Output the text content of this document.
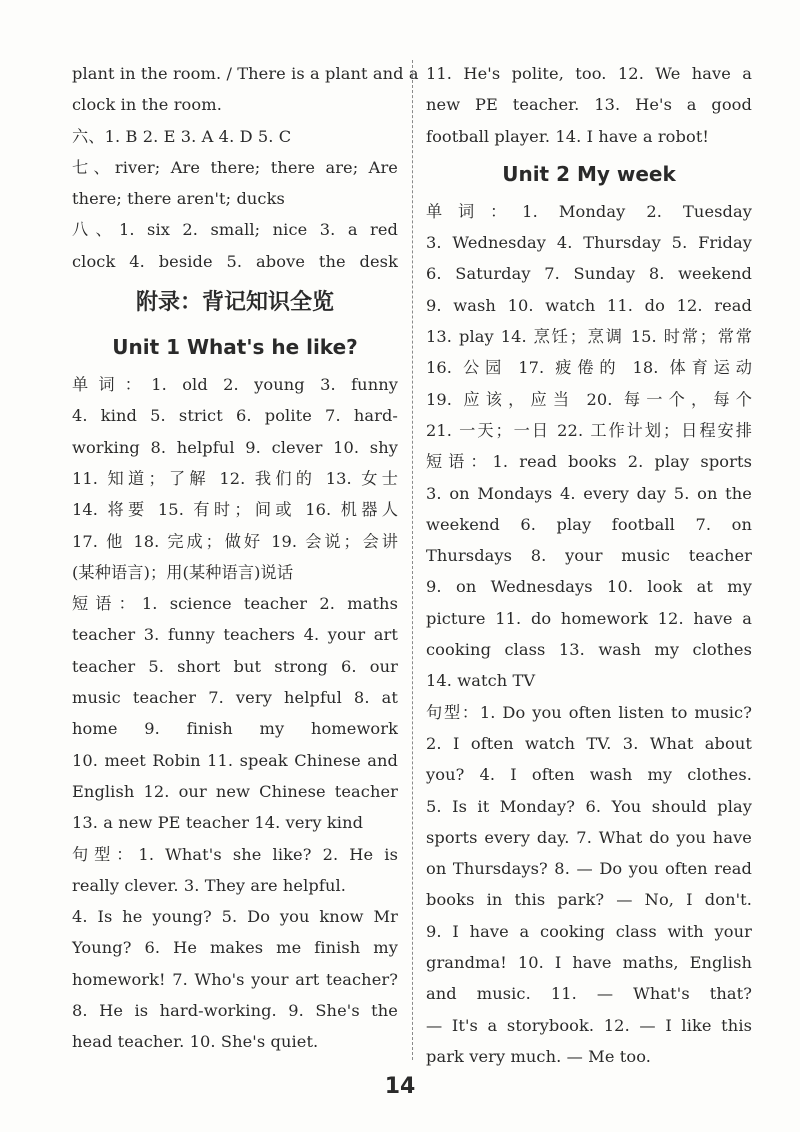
plant in the room. / There is a plant and a
clock in the room.
六、1. B 2. E 3. A 4. D 5. C
七、river; Are there; there are; Are
there; there aren't; ducks
八、1. six 2. small; nice 3. a red
clock 4. beside 5. above the desk
附录：背记知识全览
Unit 1 What's he like?
单词：1. old 2. young 3. funny
4. kind 5. strict 6. polite 7. hard-
working 8. helpful 9. clever 10. shy
11. 知道；了解 12. 我们的 13. 女士
14. 将要 15. 有时；间或 16. 机器人
17. 他 18. 完成；做好 19. 会说；会讲
(某种语言)；用(某种语言)说话
短语：1. science teacher 2. maths
teacher 3. funny teachers 4. your art
teacher 5. short but strong 6. our
music teacher 7. very helpful 8. at
home 9. finish my homework
10. meet Robin 11. speak Chinese and
English 12. our new Chinese teacher
13. a new PE teacher 14. very kind
句型：1. What's she like? 2. He is
really clever. 3. They are helpful.
4. Is he young? 5. Do you know Mr
Young? 6. He makes me finish my
homework! 7. Who's your art teacher?
8. He is hard-working. 9. She's the
head teacher. 10. She's quiet.
11. He's polite, too. 12. We have a
new PE teacher. 13. He's a good
football player. 14. I have a robot!
Unit 2 My week
单词：1. Monday 2. Tuesday
3. Wednesday 4. Thursday 5. Friday
6. Saturday 7. Sunday 8. weekend
9. wash 10. watch 11. do 12. read
13. play 14. 烹饪；烹调 15. 时常；常常
16. 公园 17. 疲倦的 18. 体育运动
19. 应该，应当 20. 每一个，每个
21. 一天；一日 22. 工作计划；日程安排
短语：1. read books 2. play sports
3. on Mondays 4. every day 5. on the
weekend 6. play football 7. on
Thursdays 8. your music teacher
9. on Wednesdays 10. look at my
picture 11. do homework 12. have a
cooking class 13. wash my clothes
14. watch TV
句型：1. Do you often listen to music?
2. I often watch TV. 3. What about
you? 4. I often wash my clothes.
5. Is it Monday? 6. You should play
sports every day. 7. What do you have
on Thursdays? 8. — Do you often read
books in this park? — No, I don't.
9. I have a cooking class with your
grandma! 10. I have maths, English
and music. 11. — What's that?
— It's a storybook. 12. — I like this
park very much. — Me too.
14
